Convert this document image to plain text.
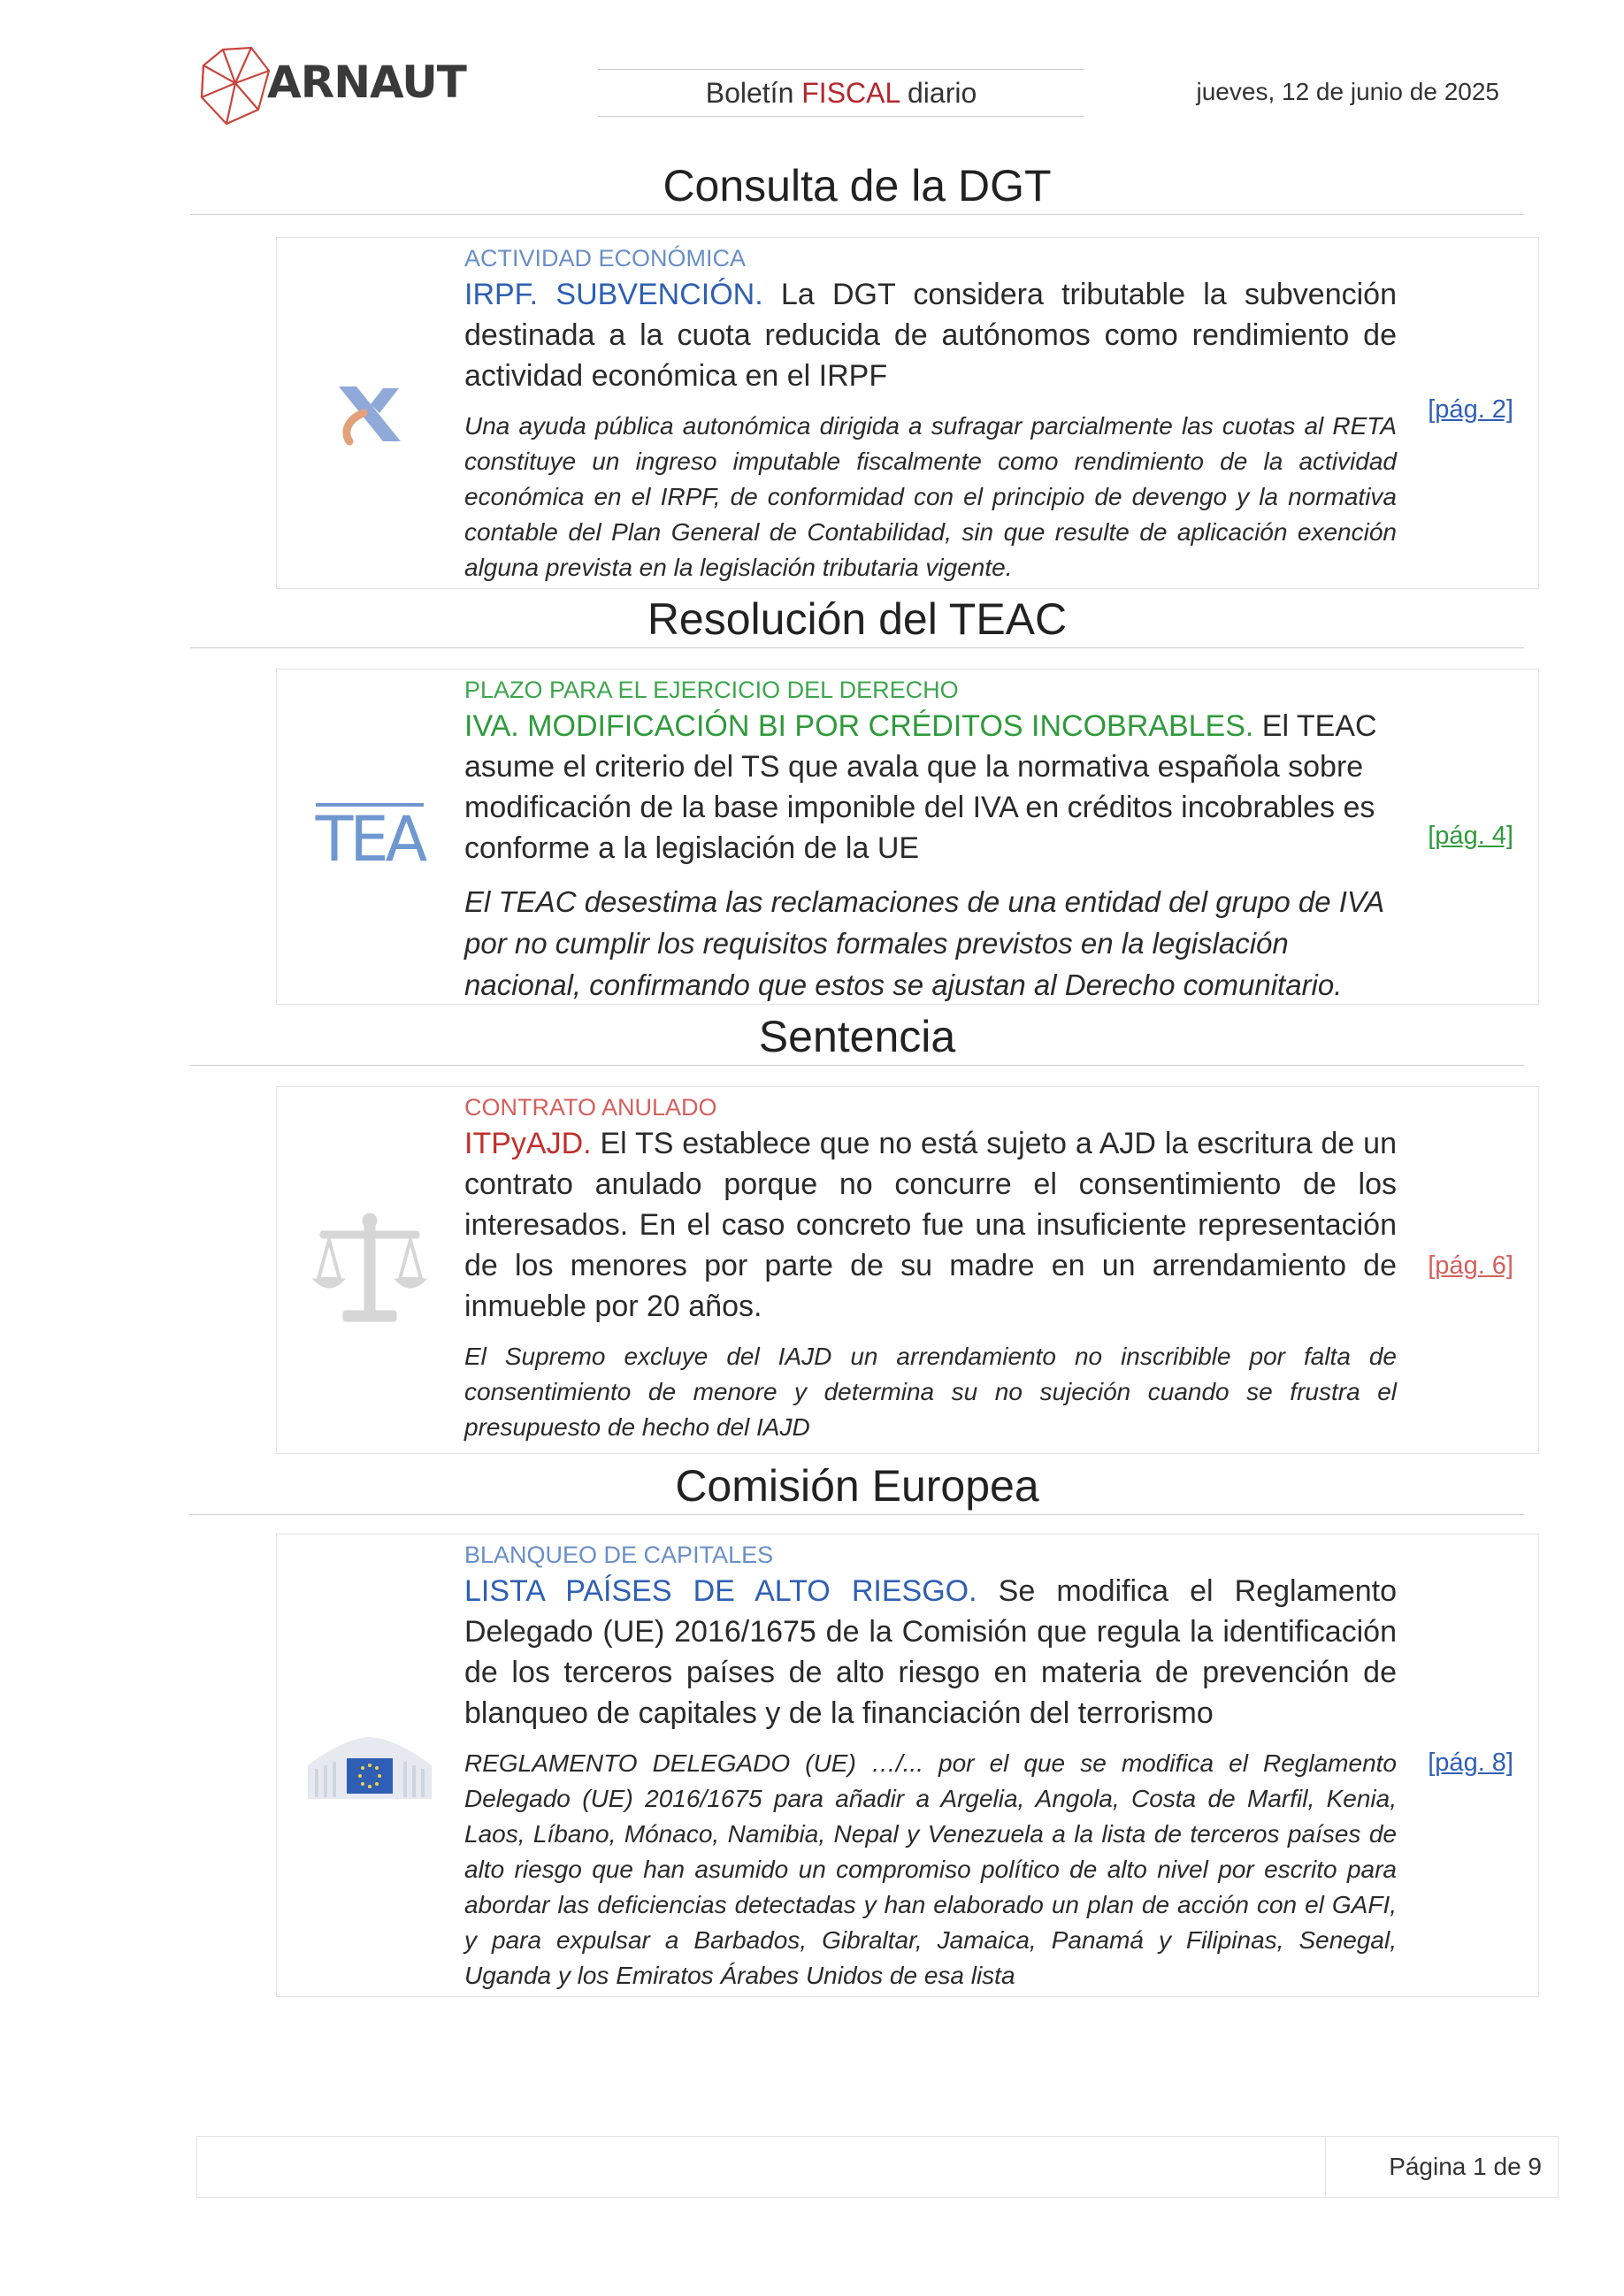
ARNAUT	Boletín FISCAL diario	jueves, 12 de junio de 2025
Consulta de la DGT
ACTIVIDAD ECONÓMICA
IRPF. SUBVENCIÓN. La DGT considera tributable la subvención destinada a la cuota reducida de autónomos como rendimiento de actividad económica en el IRPF
Una ayuda pública autonómica dirigida a sufragar parcialmente las cuotas al RETA constituye un ingreso imputable fiscalmente como rendimiento de la actividad económica en el IRPF, de conformidad con el principio de devengo y la normativa contable del Plan General de Contabilidad, sin que resulte de aplicación exención alguna prevista en la legislación tributaria vigente.
[pág. 2]
Resolución del TEAC
TEA
PLAZO PARA EL EJERCICIO DEL DERECHO
IVA. MODIFICACIÓN BI POR CRÉDITOS INCOBRABLES. El TEAC asume el criterio del TS que avala que la normativa española sobre modificación de la base imponible del IVA en créditos incobrables es conforme a la legislación de la UE
El TEAC desestima las reclamaciones de una entidad del grupo de IVA por no cumplir los requisitos formales previstos en la legislación nacional, confirmando que estos se ajustan al Derecho comunitario.
[pág. 4]
Sentencia
CONTRATO ANULADO
ITPyAJD. El TS establece que no está sujeto a AJD la escritura de un contrato anulado porque no concurre el consentimiento de los interesados. En el caso concreto fue una insuficiente representación de los menores por parte de su madre en un arrendamiento de inmueble por 20 años.
El Supremo excluye del IAJD un arrendamiento no inscribible por falta de consentimiento de menore y determina su no sujeción cuando se frustra el presupuesto de hecho del IAJD
[pág. 6]
Comisión Europea
BLANQUEO DE CAPITALES
LISTA PAÍSES DE ALTO RIESGO. Se modifica el Reglamento Delegado (UE) 2016/1675 de la Comisión que regula la identificación de los terceros países de alto riesgo en materia de prevención de blanqueo de capitales y de la financiación del terrorismo
REGLAMENTO DELEGADO (UE) …/... por el que se modifica el Reglamento Delegado (UE) 2016/1675 para añadir a Argelia, Angola, Costa de Marfil, Kenia, Laos, Líbano, Mónaco, Namibia, Nepal y Venezuela a la lista de terceros países de alto riesgo que han asumido un compromiso político de alto nivel por escrito para abordar las deficiencias detectadas y han elaborado un plan de acción con el GAFI, y para expulsar a Barbados, Gibraltar, Jamaica, Panamá y Filipinas, Senegal, Uganda y los Emiratos Árabes Unidos de esa lista
[pág. 8]
Página 1 de 9
